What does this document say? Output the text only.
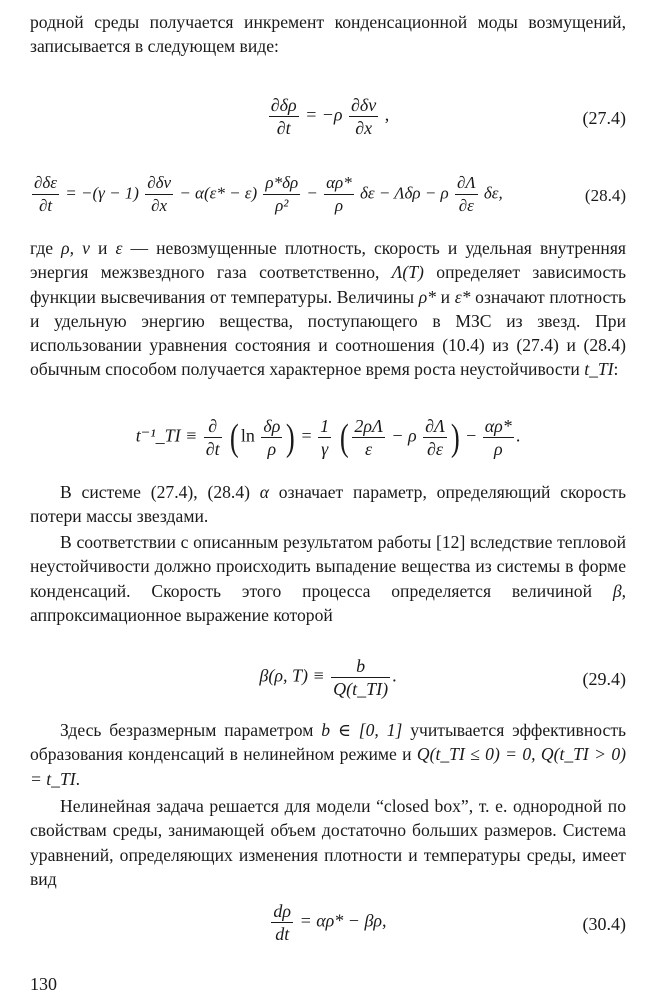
родной среды получается инкремент конденсационной моды возмущений, записывается в следующем виде:
$\frac{\partial\delta\rho}{\partial t} = -\rho \frac{\partial\delta v}{\partial x}$ ,	(27.4)
$\frac{\partial\delta\varepsilon}{\partial t} = -(\gamma - 1) \frac{\partial\delta v}{\partial x} - \alpha(\varepsilon* - \varepsilon) \frac{\rho*\delta\rho}{\text{ρ²}} - \frac{\alpha\rho*}{\rho}$ δε − Λδρ − ρ $\frac{\partial\Lambda}{\partial\varepsilon} \delta\varepsilon$,	(28.4)
где ρ, v и ε — невозмущенные плотность, скорость и удельная внутренняя энергия межзвездного газа соответственно, Λ(T) определяет зависимость функции высвечивания от температуры. Величины ρ* и ε* означают плотность и удельную энергию вещества, поступающего в МЗС из звезд. При использовании уравнения состояния и соотношения (10.4) из (27.4) и (28.4) обычным способом получается характерное время роста неустойчивости t_TI:
t⁻¹_TI ≡ $\frac{\partial}{\partial t}$ ( $\ln \frac{\delta\rho}{\rho}$ ) = $\frac{1}{\gamma}$ ( $\frac{2\rho\Lambda}{\varepsilon} - \rho \frac{\partial\Lambda}{\partial\varepsilon}$ ) − $\frac{\alpha\rho*}{\rho}$ .
В системе (27.4), (28.4) α означает параметр, определяющий скорость потери массы звездами.
В соответствии с описанным результатом работы [12] вследствие тепловой неустойчивости должно происходить выпадение вещества из системы в форме конденсаций. Скорость этого процесса определяется величиной β, аппроксимационное выражение которой
β(ρ, $T) \equiv \frac{b}{Q(t\_TI)}$ .	(29.4)
Здесь безразмерным параметром b ∈ [0, 1] учитывается эффективность образования конденсаций в нелинейном режиме и Q(t_TI ≤ 0) = 0, Q(t_TI > 0) = t_TI.
Нелинейная задача решается для модели “closed box”, т. е. однородной по свойствам среды, занимающей объем достаточно больших размеров. Система уравнений, определяющих изменения плотности и температуры среды, имеет вид
$\frac{d\rho}{dt} = \alpha\rho* - \beta\rho$,	(30.4)
130
